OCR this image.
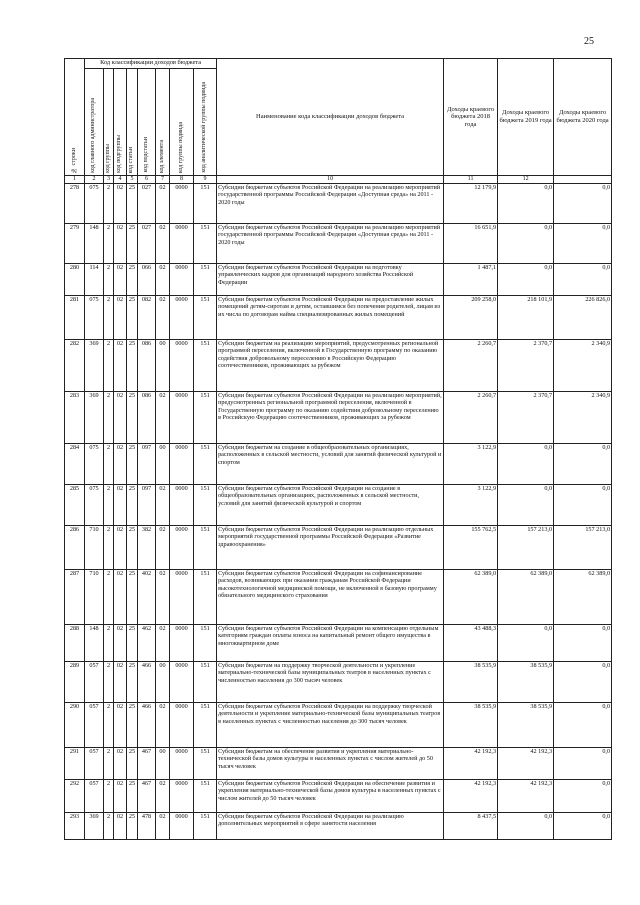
25
№ строки	Код классификации доходов бюджета								Наименование кода классификации доходов бюджета	Доходы краевого бюджета 2018 года	Доходы краевого бюджета 2019 года	Доходы краевого бюджета 2020 года

	код главного администратора	код группы	код подгруппы	код статьи	код подстатьи	код элемента	код группы подвида	код аналитической группы подвида				

1	2	3	4	5	6	7	8	9	10	11	12	
278	075	2	02	25	027	02	0000	151	Субсидии бюджетам субъектов Российской Федерации на реализацию мероприятий государственной программы Российской Федерации «Доступная среда» на 2011 - 2020 годы	12 179,9	0,0	0,0
279	148	2	02	25	027	02	0000	151	Субсидии бюджетам субъектов Российской Федерации на реализацию мероприятий государственной программы Российской Федерации «Доступная среда» на 2011 - 2020 годы	16 651,9	0,0	0,0
280	114	2	02	25	066	02	0000	151	Субсидии бюджетам субъектов Российской Федерации на подготовку управленческих кадров для организаций народного хозяйства Российской Федерации	1 487,1	0,0	0,0
281	075	2	02	25	082	02	0000	151	Субсидии бюджетам субъектов Российской Федерации на предоставление жилых помещений детям-сиротам и детям, оставшимся без попечения родителей, лицам из их числа по договорам найма специализированных жилых помещений	209 258,0	218 101,9	226 826,0
282	369	2	02	25	086	00	0000	151	Субсидии бюджетам на реализацию мероприятий, предусмотренных региональной программой переселения, включенной в Государственную программу по оказанию содействия добровольному переселению в Российскую Федерацию соотечественников, проживающих за рубежом	2 260,7	2 370,7	2 340,9
283	369	2	02	25	086	02	0000	151	Субсидии бюджетам субъектов Российской Федерации на реализацию мероприятий, предусмотренных региональной программой переселения, включенной в Государственную программу по оказанию содействия добровольному переселению в Российскую Федерацию соотечественников, проживающих за рубежом	2 260,7	2 370,7	2 340,9
284	075	2	02	25	097	00	0000	151	Субсидии бюджетам на создание в общеобразовательных организациях, расположенных в сельской местности, условий для занятий физической культурой и спортом	3 122,9	0,0	0,0
285	075	2	02	25	097	02	0000	151	Субсидии бюджетам субъектов Российской Федерации на создание в общеобразовательных организациях, расположенных в сельской местности, условий для занятий физической культурой и спортом	3 122,9	0,0	0,0
286	710	2	02	25	382	02	0000	151	Субсидии бюджетам субъектов Российской Федерации на реализацию отдельных мероприятий государственной программы Российской Федерации «Развитие здравоохранения»	155 762,5	157 213,0	157 213,0
287	710	2	02	25	402	02	0000	151	Субсидии бюджетам субъектов Российской Федерации на софинансирование расходов, возникающих при оказании гражданам Российской Федерации высокотехнологичной медицинской помощи, не включенной в базовую программу обязательного медицинского страхования	62 389,0	62 389,0	62 389,0
288	148	2	02	25	462	02	0000	151	Субсидии бюджетам субъектов Российской Федерации на компенсацию отдельным категориям граждан оплаты взноса на капитальный ремонт общего имущества в многоквартирном доме	43 488,3	0,0	0,0
289	057	2	02	25	466	00	0000	151	Субсидии бюджетам на поддержку творческой деятельности и укрепление материально-технической базы муниципальных театров в населенных пунктах с численностью населения до 300 тысяч человек	38 535,9	38 535,9	0,0
290	057	2	02	25	466	02	0000	151	Субсидии бюджетам субъектов Российской Федерации на поддержку творческой деятельности и укрепление материально-технической базы муниципальных театров в населенных пунктах с численностью населения до 300 тысяч человек	38 535,9	38 535,9	0,0
291	057	2	02	25	467	00	0000	151	Субсидии бюджетам на обеспечение развития и укрепления материально-технической базы домов культуры в населенных пунктах с числом жителей до 50 тысяч человек	42 192,3	42 192,3	0,0
292	057	2	02	25	467	02	0000	151	Субсидии бюджетам субъектов Российской Федерации на обеспечение развития и укрепления материально-технической базы домов культуры в населенных пунктах с числом жителей до 50 тысяч человек	42 192,3	42 192,3	0,0
293	369	2	02	25	478	02	0000	151	Субсидии бюджетам субъектов Российской Федерации на реализацию дополнительных мероприятий в сфере занятости населения	8 437,5	0,0	0,0
